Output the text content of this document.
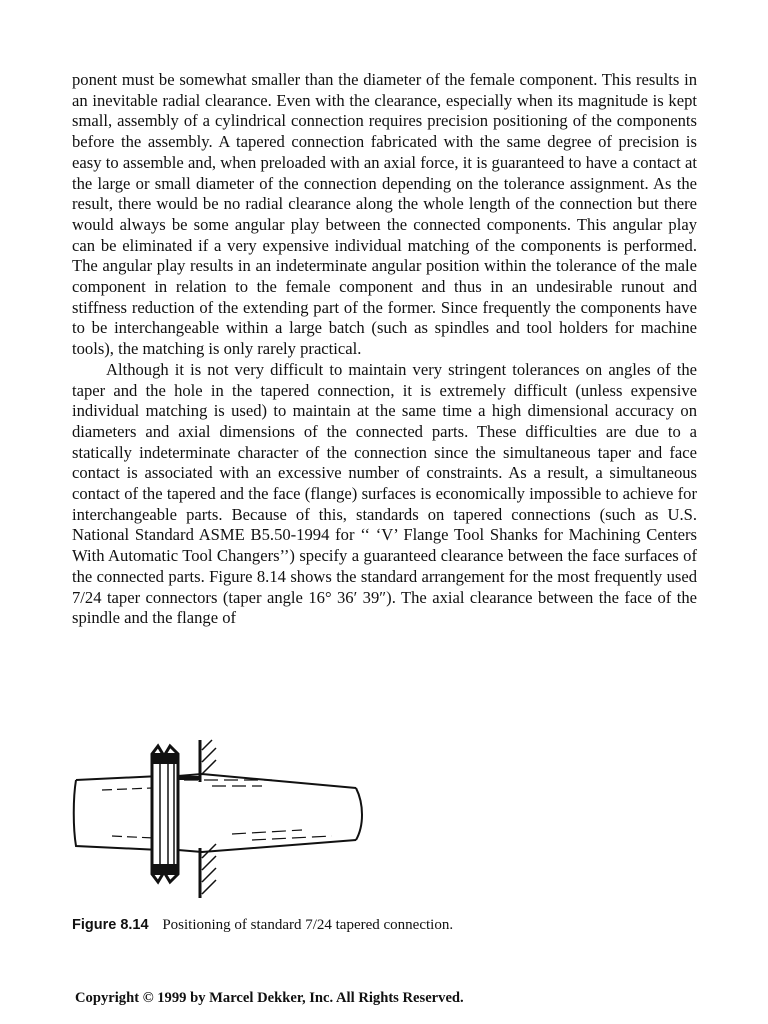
ponent must be somewhat smaller than the diameter of the female component. This results in an inevitable radial clearance. Even with the clearance, especially when its magnitude is kept small, assembly of a cylindrical connection requires precision positioning of the components before the assembly. A tapered connection fabricated with the same degree of precision is easy to assemble and, when preloaded with an axial force, it is guaranteed to have a contact at the large or small diameter of the connection depending on the tolerance assignment. As the result, there would be no radial clearance along the whole length of the connection but there would always be some angular play between the connected components. This angular play can be eliminated if a very expensive individual matching of the components is performed. The angular play results in an indeterminate angular position within the tolerance of the male component in relation to the female component and thus in an undesirable runout and stiffness reduction of the extending part of the former. Since frequently the components have to be interchangeable within a large batch (such as spindles and tool holders for machine tools), the matching is only rarely practical.

Although it is not very difficult to maintain very stringent tolerances on angles of the taper and the hole in the tapered connection, it is extremely difficult (unless expensive individual matching is used) to maintain at the same time a high dimensional accuracy on diameters and axial dimensions of the connected parts. These difficulties are due to a statically indeterminate character of the connection since the simultaneous taper and face contact is associated with an excessive number of constraints. As a result, a simultaneous contact of the tapered and the face (flange) surfaces is economically impossible to achieve for interchangeable parts. Because of this, standards on tapered connections (such as U.S. National Standard ASME B5.50-1994 for ‘‘ ‘V’ Flange Tool Shanks for Machining Centers With Automatic Tool Changers’’) specify a guaranteed clearance between the face surfaces of the connected parts. Figure 8.14 shows the standard arrangement for the most frequently used 7/24 taper connectors (taper angle 16° 36′ 39″). The axial clearance between the face of the spindle and the flange of

Figure 8.14 Positioning of standard 7/24 tapered connection.
Copyright © 1999 by Marcel Dekker, Inc. All Rights Reserved.
